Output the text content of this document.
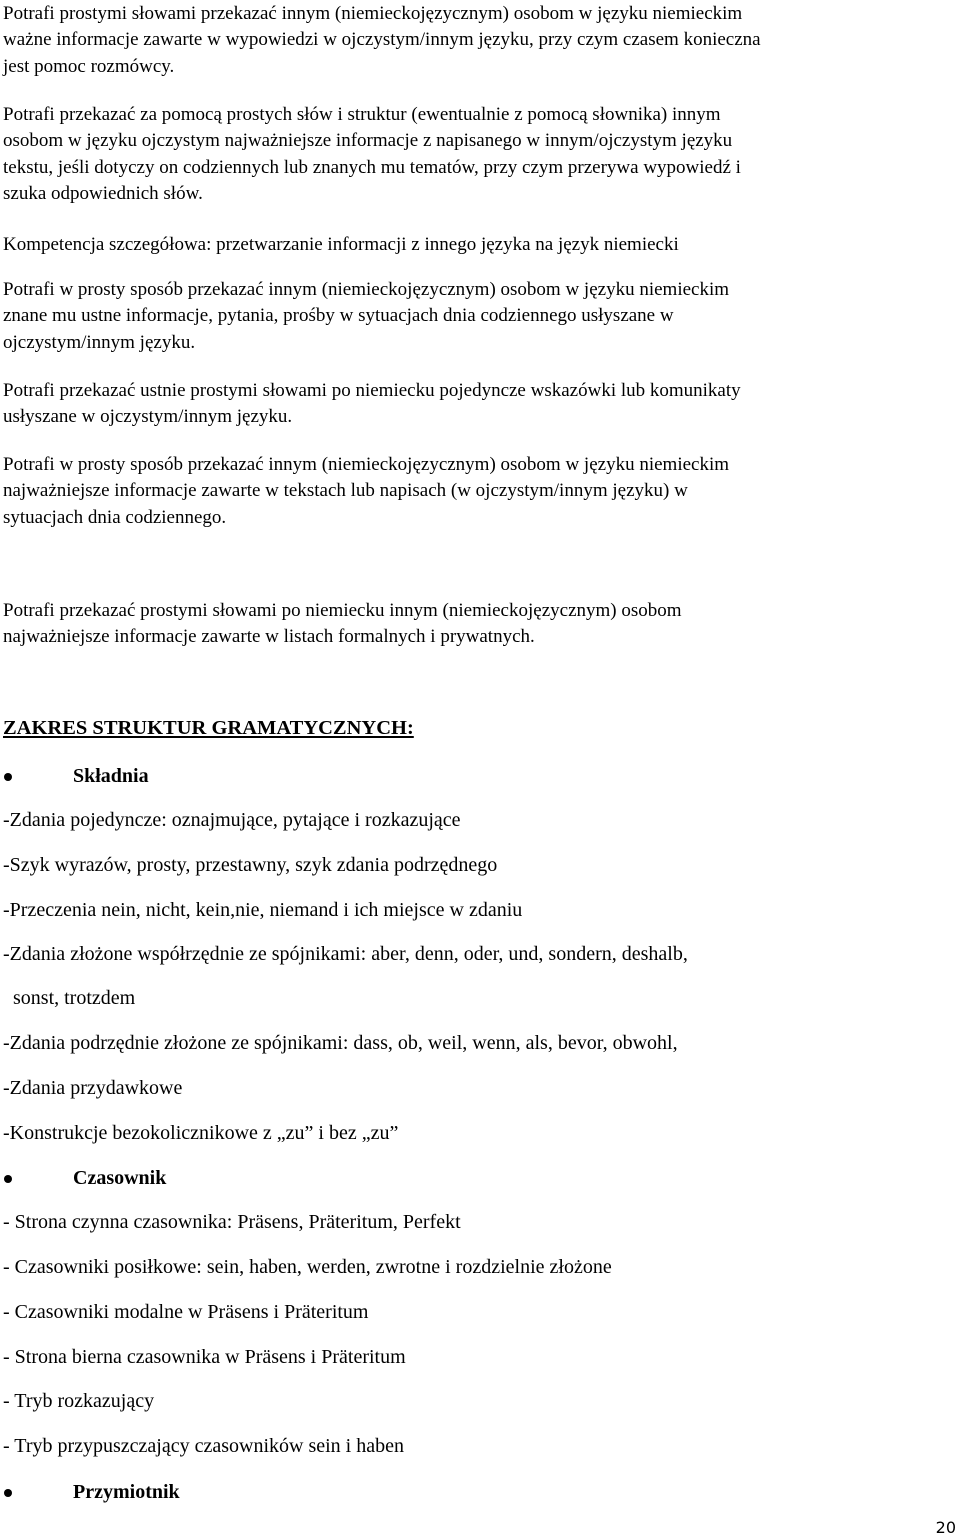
Potrafi prostymi słowami przekazać innym (niemieckojęzycznym) osobom w języku niemieckim
ważne informacje zawarte w wypowiedzi w ojczystym/innym języku, przy czym czasem konieczna
jest pomoc rozmówcy.
Potrafi przekazać za pomocą prostych słów i struktur (ewentualnie z pomocą słownika) innym
osobom w języku ojczystym najważniejsze informacje z napisanego w innym/ojczystym języku
tekstu, jeśli dotyczy on codziennych lub znanych mu tematów, przy czym przerywa wypowiedź i
szuka odpowiednich słów.
Kompetencja szczegółowa: przetwarzanie informacji z innego języka na język niemiecki
Potrafi w prosty sposób przekazać innym (niemieckojęzycznym) osobom w języku niemieckim
znane mu ustne informacje, pytania, prośby w sytuacjach dnia codziennego usłyszane w
ojczystym/innym języku.
Potrafi przekazać ustnie prostymi słowami po niemiecku pojedyncze wskazówki lub komunikaty
usłyszane w ojczystym/innym języku.
Potrafi w prosty sposób przekazać innym (niemieckojęzycznym) osobom w języku niemieckim
najważniejsze informacje zawarte w tekstach lub napisach (w ojczystym/innym języku) w
sytuacjach dnia codziennego.
Potrafi przekazać prostymi słowami po niemiecku innym (niemieckojęzycznym) osobom
najważniejsze informacje zawarte w listach formalnych i prywatnych.
ZAKRES STRUKTUR GRAMATYCZNYCH:
Składnia
-Zdania pojedyncze: oznajmujące, pytające i rozkazujące
-Szyk wyrazów, prosty, przestawny, szyk zdania podrzędnego
-Przeczenia nein, nicht, kein,nie, niemand i ich miejsce w zdaniu
-Zdania złożone współrzędnie ze spójnikami: aber, denn, oder, und, sondern, deshalb,
sonst, trotzdem
-Zdania podrzędnie złożone ze spójnikami: dass, ob, weil, wenn, als, bevor, obwohl,
-Zdania przydawkowe
-Konstrukcje bezokolicznikowe z „zu” i bez „zu”
Czasownik
- Strona czynna czasownika: Präsens, Präteritum, Perfekt
- Czasowniki posiłkowe: sein, haben, werden, zwrotne i rozdzielnie złożone
- Czasowniki modalne w Präsens i Präteritum
- Strona bierna czasownika w Präsens i Präteritum
- Tryb rozkazujący
- Tryb przypuszczający czasowników sein i haben
Przymiotnik
20
